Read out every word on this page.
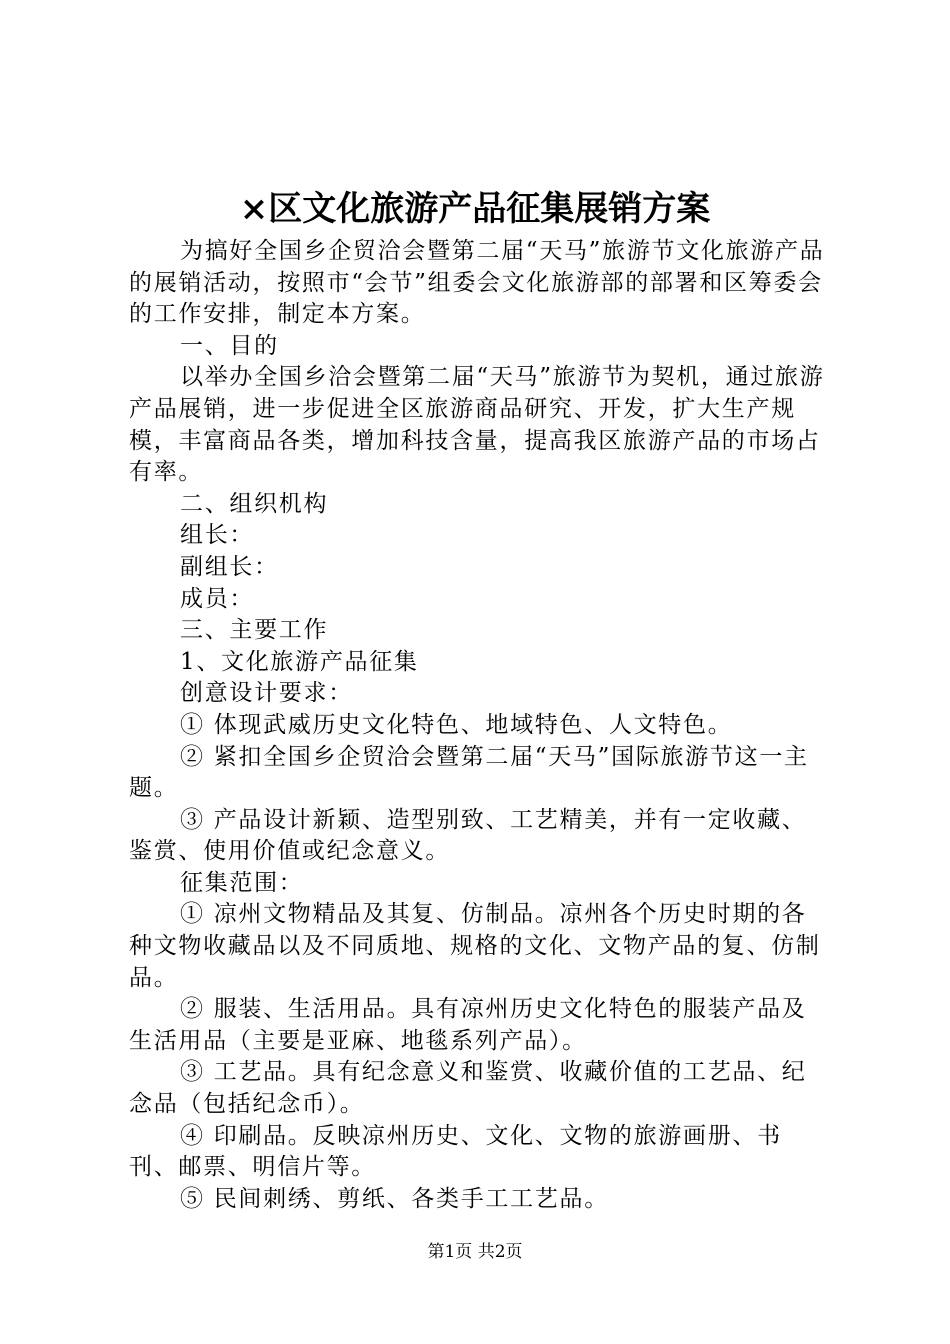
×区文化旅游产品征集展销方案

为搞好全国乡企贸洽会暨第二届“天马”旅游节文化旅游产品的展销活动，按照市“会节”组委会文化旅游部的部署和区筹委会的工作安排，制定本方案。

一、目的

以举办全国乡洽会暨第二届“天马”旅游节为契机，通过旅游产品展销，进一步促进全区旅游商品研究、开发，扩大生产规模，丰富商品各类，增加科技含量，提高我区旅游产品的市场占有率。

二、组织机构

组长：

副组长：

成员：

三、主要工作

1、文化旅游产品征集

创意设计要求：

① 体现武威历史文化特色、地域特色、人文特色。

② 紧扣全国乡企贸洽会暨第二届“天马”国际旅游节这一主题。

③ 产品设计新颖、造型别致、工艺精美，并有一定收藏、鉴赏、使用价值或纪念意义。

征集范围：

① 凉州文物精品及其复、仿制品。凉州各个历史时期的各种文物收藏品以及不同质地、规格的文化、文物产品的复、仿制品。

② 服装、生活用品。具有凉州历史文化特色的服装产品及生活用品（主要是亚麻、地毯系列产品）。

③ 工艺品。具有纪念意义和鉴赏、收藏价值的工艺品、纪念品（包括纪念币）。

④ 印刷品。反映凉州历史、文化、文物的旅游画册、书刊、邮票、明信片等。

⑤ 民间刺绣、剪纸、各类手工工艺品。

第1页 共2页
